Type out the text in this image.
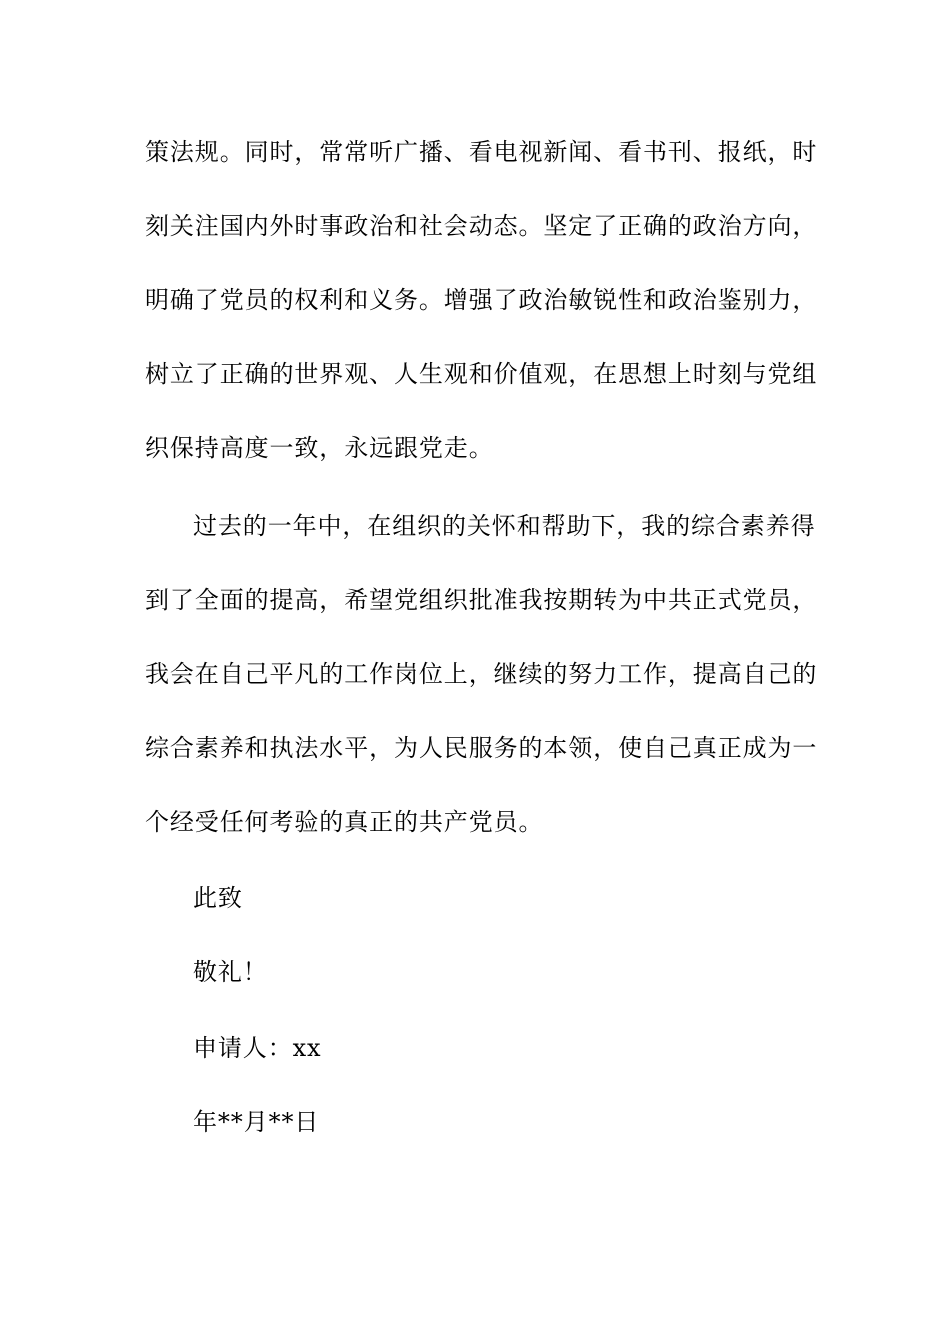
策法规。同时，常常听广播、看电视新闻、看书刊、报纸，时
刻关注国内外时事政治和社会动态。坚定了正确的政治方向，
明确了党员的权利和义务。增强了政治敏锐性和政治鉴别力，
树立了正确的世界观、人生观和价值观，在思想上时刻与党组
织保持高度一致，永远跟党走。
过去的一年中，在组织的关怀和帮助下，我的综合素养得
到了全面的提高，希望党组织批准我按期转为中共正式党员，
我会在自己平凡的工作岗位上，继续的努力工作，提高自己的
综合素养和执法水平，为人民服务的本领，使自己真正成为一
个经受任何考验的真正的共产党员。
此致
敬礼！
申请人：xx
年**月**日
